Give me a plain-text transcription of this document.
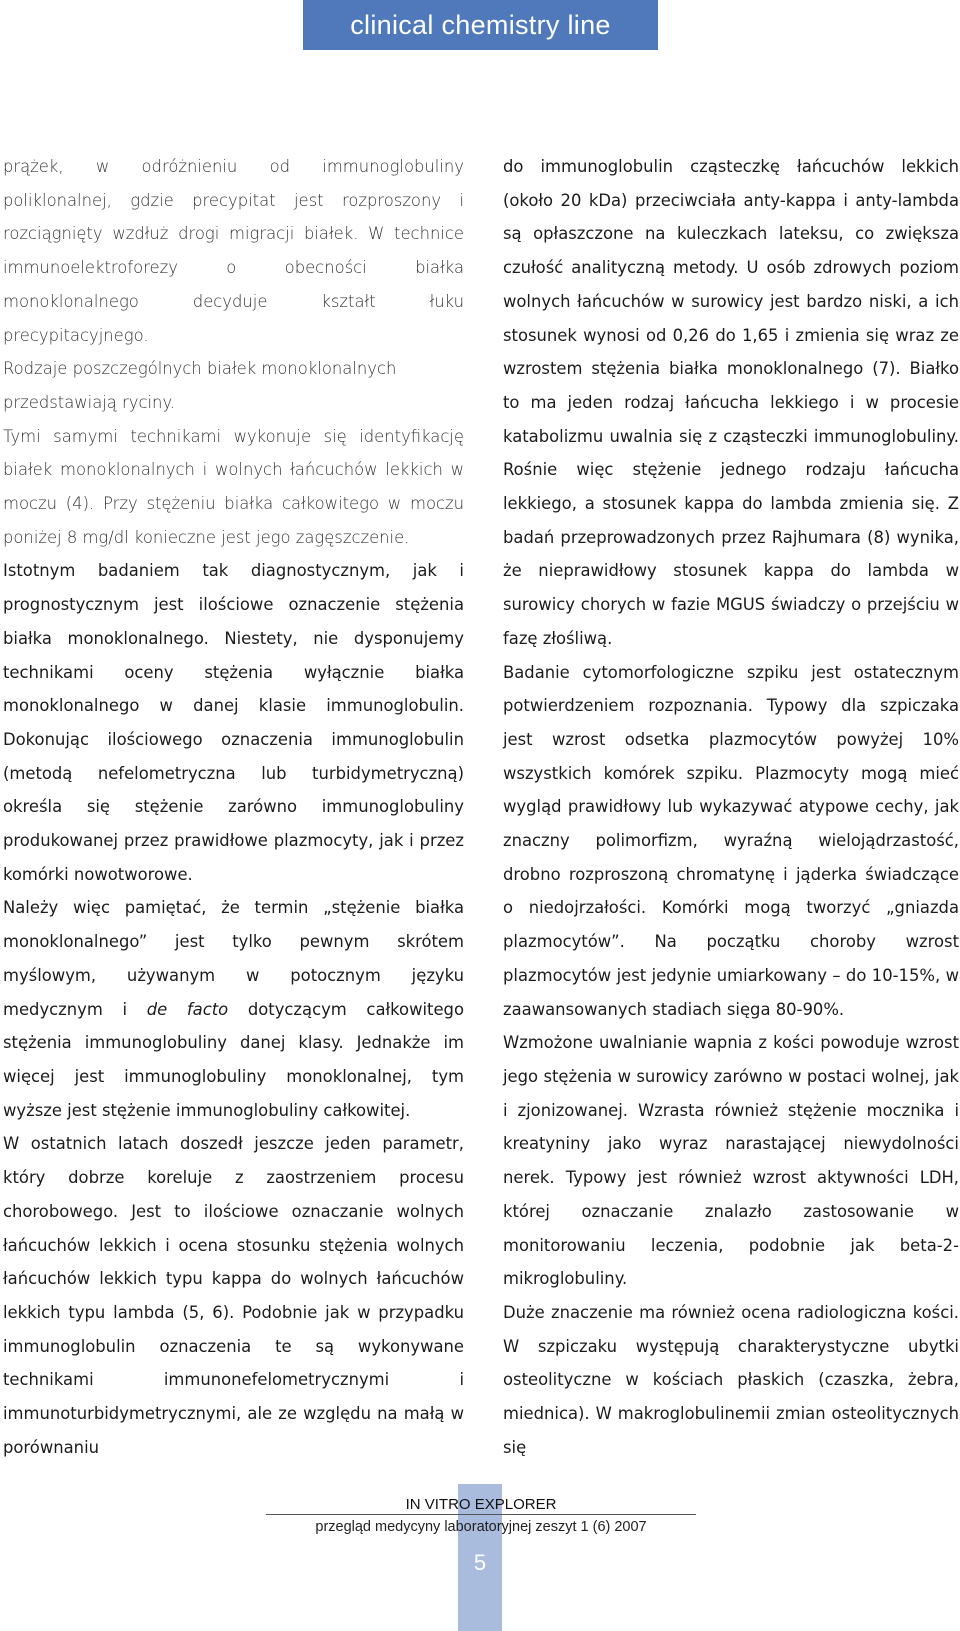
clinical chemistry line

prążek, w odróżnieniu od immunoglobuliny poliklonalnej, gdzie precypitat jest rozproszony i rozciągnięty wzdłuż drogi migracji białek. W technice immunoelektroforezy o obecności białka monoklonalnego decyduje kształt łuku precypitacyjnego.

Rodzaje poszczególnych białek monoklonalnych przedstawiają ryciny.

Tymi samymi technikami wykonuje się identyfikację białek monoklonalnych i wolnych łańcuchów lekkich w moczu (4). Przy stężeniu białka całkowitego w moczu poniżej 8 mg/dl konieczne jest jego zagęszczenie.

Istotnym badaniem tak diagnostycznym, jak i prognostycznym jest ilościowe oznaczenie stężenia białka monoklonalnego. Niestety, nie dysponujemy technikami oceny stężenia wyłącznie białka monoklonalnego w danej klasie immunoglobulin. Dokonując ilościowego oznaczenia immunoglobulin (metodą nefelometryczna lub turbidymetryczną) określa się stężenie zarówno immunoglobuliny produkowanej przez prawidłowe plazmocyty, jak i przez komórki nowotworowe.

Należy więc pamiętać, że termin „stężenie białka monoklonalnego” jest tylko pewnym skrótem myślowym, używanym w potocznym języku medycznym i de facto dotyczącym całkowitego stężenia immunoglobuliny danej klasy. Jednakże im więcej jest immunoglobuliny monoklonalnej, tym wyższe jest stężenie immunoglobuliny całkowitej.

W ostatnich latach doszedł jeszcze jeden parametr, który dobrze koreluje z zaostrzeniem procesu chorobowego. Jest to ilościowe oznaczanie wolnych łańcuchów lekkich i ocena stosunku stężenia wolnych łańcuchów lekkich typu kappa do wolnych łańcuchów lekkich typu lambda (5, 6). Podobnie jak w przypadku immunoglobulin oznaczenia te są wykonywane technikami immunonefelometrycznymi i immunoturbidymetrycznymi, ale ze względu na małą w porównaniu

do immunoglobulin cząsteczkę łańcuchów lekkich (około 20 kDa) przeciwciała anty-kappa i anty-lambda są opłaszczone na kuleczkach lateksu, co zwiększa czułość analityczną metody. U osób zdrowych poziom wolnych łańcuchów w surowicy jest bardzo niski, a ich stosunek wynosi od 0,26 do 1,65 i zmienia się wraz ze wzrostem stężenia białka monoklonalnego (7). Białko to ma jeden rodzaj łańcucha lekkiego i w procesie katabolizmu uwalnia się z cząsteczki immunoglobuliny. Rośnie więc stężenie jednego rodzaju łańcucha lekkiego, a stosunek kappa do lambda zmienia się. Z badań przeprowadzonych przez Rajhumara (8) wynika, że nieprawidłowy stosunek kappa do lambda w surowicy chorych w fazie MGUS świadczy o przejściu w fazę złośliwą.

Badanie cytomorfologiczne szpiku jest ostatecznym potwierdzeniem rozpoznania. Typowy dla szpiczaka jest wzrost odsetka plazmocytów powyżej 10% wszystkich komórek szpiku. Plazmocyty mogą mieć wygląd prawidłowy lub wykazywać atypowe cechy, jak znaczny polimorfizm, wyraźną wielojądrzastość, drobno rozproszoną chromatynę i jąderka świadczące o niedojrzałości. Komórki mogą tworzyć „gniazda plazmocytów”. Na początku choroby wzrost plazmocytów jest jedynie umiarkowany – do 10-15%, w zaawansowanych stadiach sięga 80-90%.

Wzmożone uwalnianie wapnia z kości powoduje wzrost jego stężenia w surowicy zarówno w postaci wolnej, jak i zjonizowanej. Wzrasta również stężenie mocznika i kreatyniny jako wyraz narastającej niewydolności nerek. Typowy jest również wzrost aktywności LDH, której oznaczanie znalazło zastosowanie w monitorowaniu leczenia, podobnie jak beta-2-mikroglobuliny.

Duże znaczenie ma również ocena radiologiczna kości. W szpiczaku występują charakterystyczne ubytki osteolityczne w kościach płaskich (czaszka, żebra, miednica). W makroglobulinemii zmian osteolitycznych się

IN VITRO EXPLORER
przegląd medycyny laboratoryjnej zeszyt 1 (6) 2007
5
